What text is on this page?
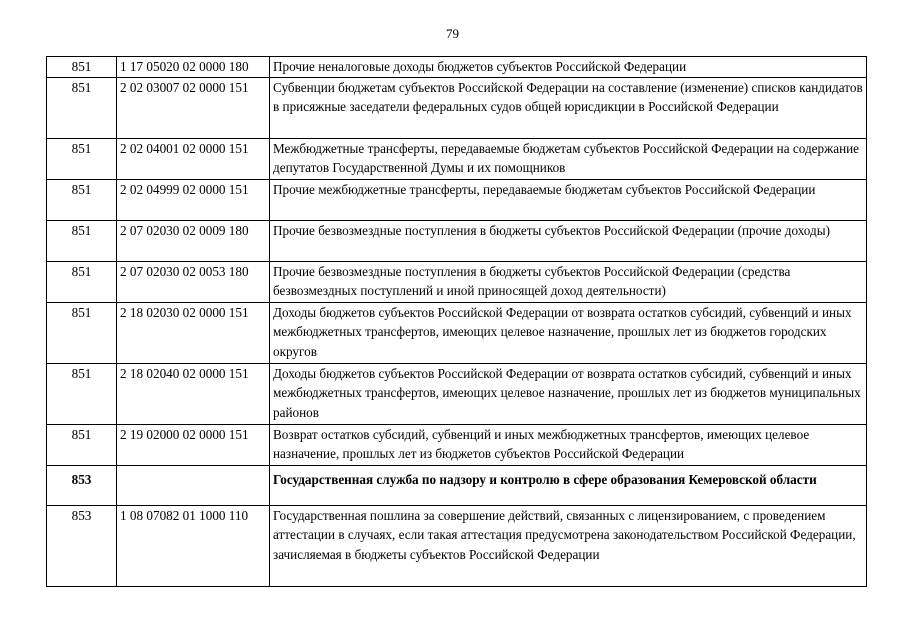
79
851	1 17 05020 02 0000 180	Прочие неналоговые доходы бюджетов субъектов Российской Федерации
851	2 02 03007 02 0000 151	Субвенции бюджетам субъектов Российской Федерации на составление (изменение) списков кандидатов в присяжные заседатели федеральных судов общей юрисдикции в Российской Федерации
851	2 02 04001 02 0000 151	Межбюджетные трансферты, передаваемые бюджетам субъектов Российской Федерации на содержание депутатов Государственной Думы и их помощников
851	2 02 04999 02 0000 151	Прочие межбюджетные трансферты, передаваемые бюджетам субъектов Российской Федерации
851	2 07 02030 02 0009 180	Прочие безвозмездные поступления в бюджеты субъектов Российской Федерации (прочие доходы)
851	2 07 02030 02 0053 180	Прочие безвозмездные поступления в бюджеты субъектов Российской Федерации (средства безвозмездных поступлений и иной приносящей доход деятельности)
851	2 18 02030 02 0000 151	Доходы бюджетов субъектов Российской Федерации от возврата остатков субсидий, субвенций и иных межбюджетных трансфертов, имеющих целевое назначение, прошлых лет из бюджетов городских округов
851	2 18 02040 02 0000 151	Доходы бюджетов субъектов Российской Федерации от возврата остатков субсидий, субвенций и иных межбюджетных трансфертов, имеющих целевое назначение, прошлых лет из бюджетов муниципальных районов
851	2 19 02000 02 0000 151	Возврат остатков субсидий, субвенций и иных межбюджетных трансфертов, имеющих целевое назначение, прошлых лет из бюджетов субъектов Российской Федерации
853		Государственная служба по надзору и контролю в сфере образования Кемеровской области
853	1 08 07082 01 1000 110	Государственная пошлина за совершение действий, связанных с лицензированием, с проведением аттестации в случаях, если такая аттестация предусмотрена законодательством Российской Федерации, зачисляемая в бюджеты субъектов Российской Федерации
